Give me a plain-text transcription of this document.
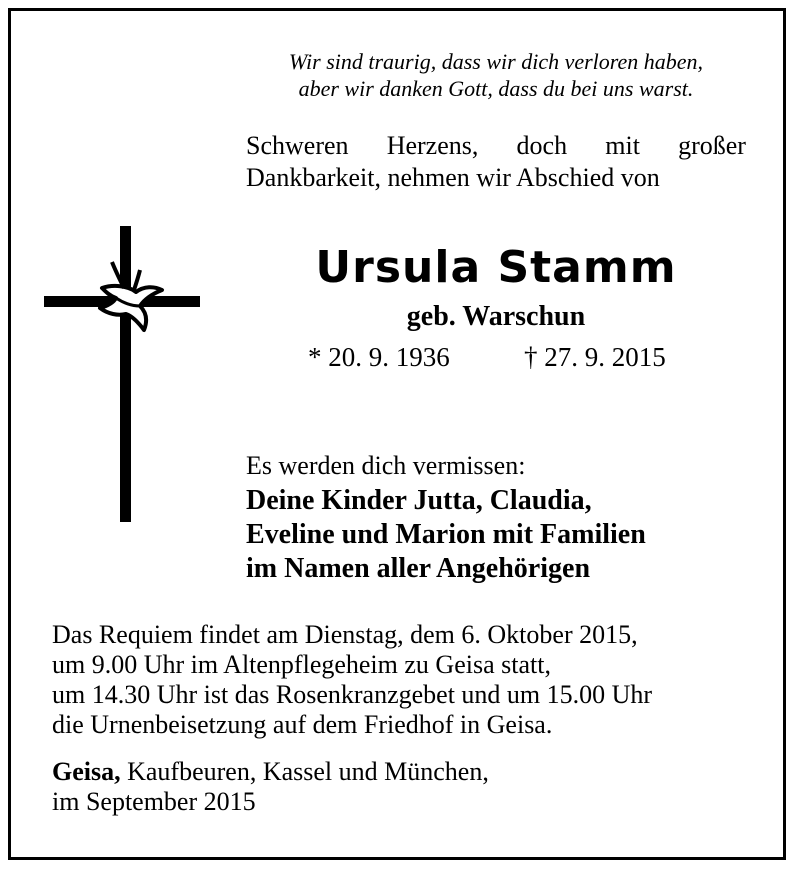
Wir sind traurig, dass wir dich verloren haben,
aber wir danken Gott, dass du bei uns warst.
Schweren Herzens, doch mit großer
Dankbarkeit, nehmen wir Abschied von
Ursula Stamm
geb. Warschun
* 20. 9. 1936	† 27. 9. 2015
Es werden dich vermissen:
Deine Kinder Jutta, Claudia,
Eveline und Marion mit Familien
im Namen aller Angehörigen
Das Requiem findet am Dienstag, dem 6. Oktober 2015,
um 9.00 Uhr im Altenpflegeheim zu Geisa statt,
um 14.30 Uhr ist das Rosenkranzgebet und um 15.00 Uhr
die Urnenbeisetzung auf dem Friedhof in Geisa.
Geisa, Kaufbeuren, Kassel und München,
im September 2015
